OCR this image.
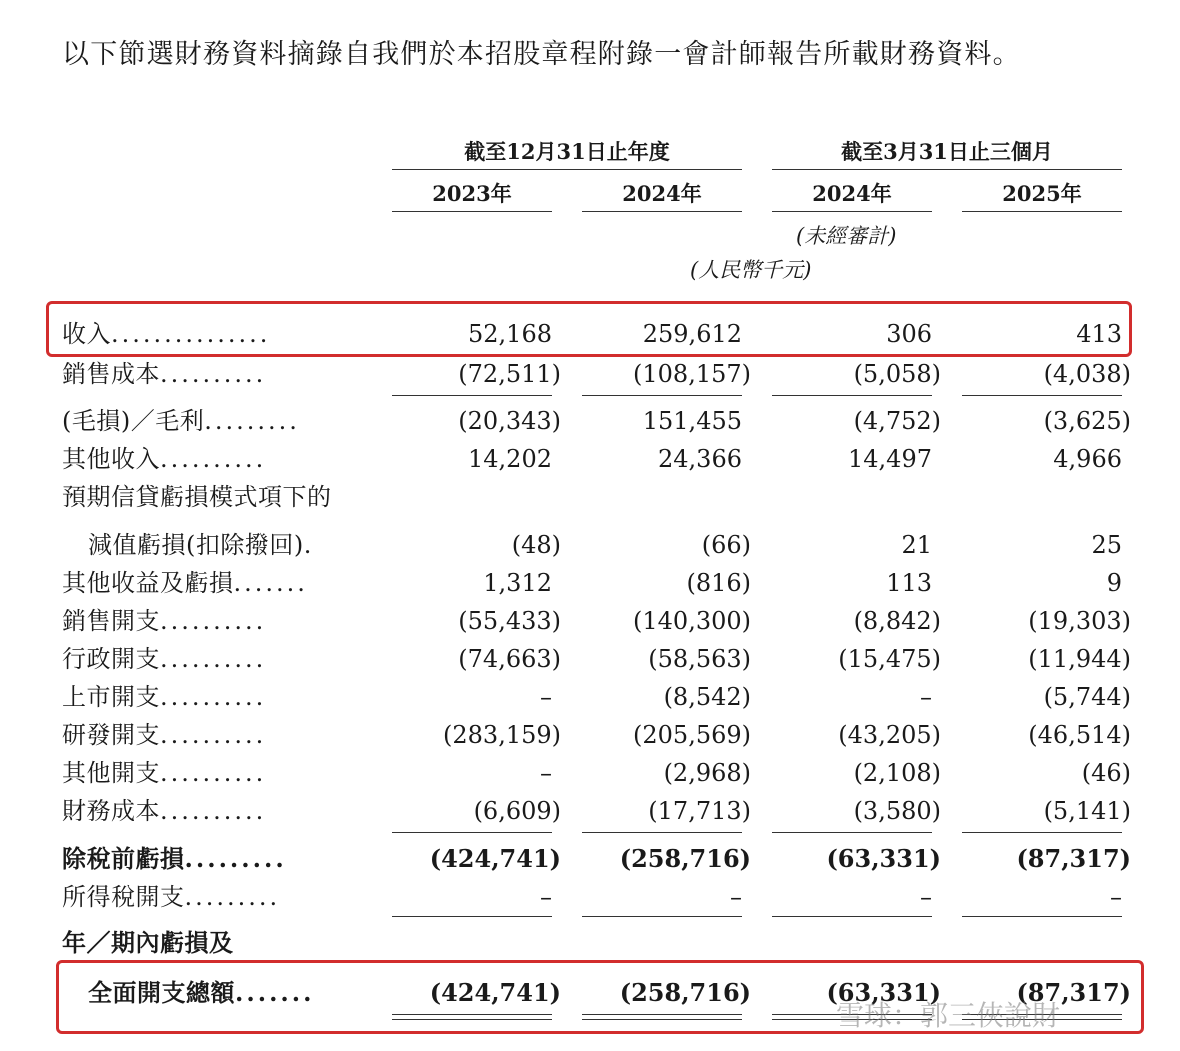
以下節選財務資料摘錄自我們於本招股章程附錄一會計師報告所載財務資料。
截至12月31日止年度	截至3月31日止三個月
2023年	2024年	2024年	2025年
(未經審計)
(人民幣千元)
收入...............	52,168	259,612	306	413
銷售成本..........	(72,511)	(108,157)	(5,058)	(4,038)
(毛損)／毛利.........	(20,343)	151,455	(4,752)	(3,625)
其他收入..........	14,202	24,366	14,497	4,966
預期信貸虧損模式項下的
減值虧損(扣除撥回).	(48)	(66)	21	25
其他收益及虧損.......	1,312	(816)	113	9
銷售開支..........	(55,433)	(140,300)	(8,842)	(19,303)
行政開支..........	(74,663)	(58,563)	(15,475)	(11,944)
上市開支..........	–	(8,542)	–	(5,744)
研發開支..........	(283,159)	(205,569)	(43,205)	(46,514)
其他開支..........	–	(2,968)	(2,108)	(46)
財務成本..........	(6,609)	(17,713)	(3,580)	(5,141)
除稅前虧損.........	(424,741) (258,716)	(63,331)	(87,317)
所得稅開支.........	–	–	–	–
年／期內虧損及
全面開支總額.......	(424,741) (258,716)	(63,331)	(87,317)
雪球：郭三俠說財
